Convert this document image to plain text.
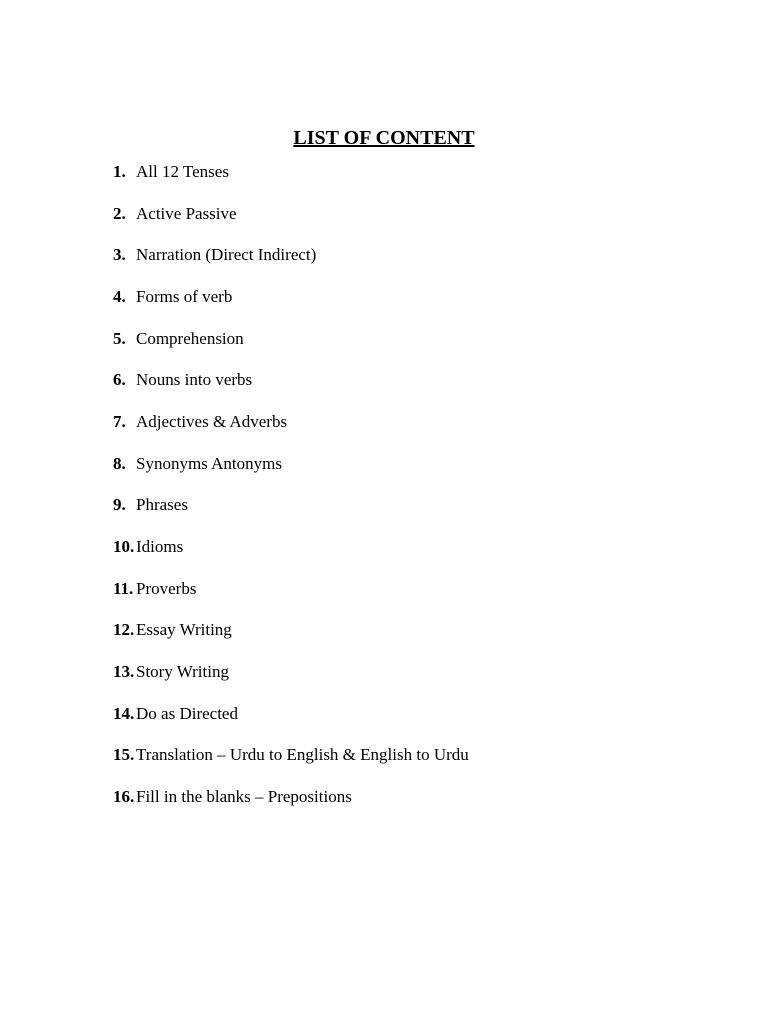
LIST OF CONTENT
1. All 12 Tenses
2. Active Passive
3. Narration (Direct Indirect)
4. Forms of verb
5. Comprehension
6. Nouns into verbs
7. Adjectives & Adverbs
8. Synonyms Antonyms
9. Phrases
10. Idioms
11. Proverbs
12. Essay Writing
13. Story Writing
14. Do as Directed
15. Translation – Urdu to English & English to Urdu
16. Fill in the blanks – Prepositions
